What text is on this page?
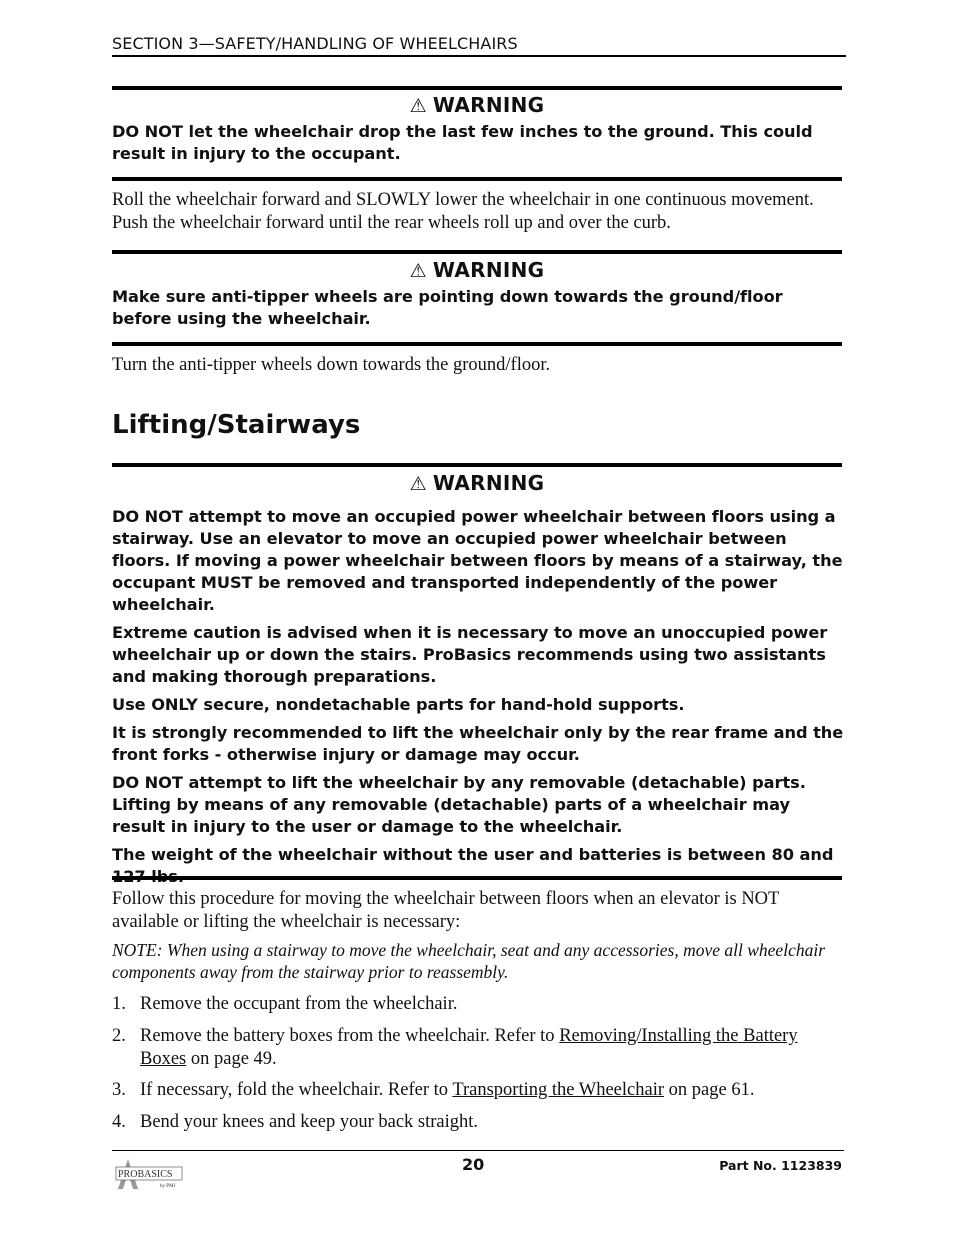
SECTION 3—SAFETY/HANDLING OF WHEELCHAIRS
⚠ WARNING

DO NOT let the wheelchair drop the last few inches to the ground. This could result in injury to the occupant.

Roll the wheelchair forward and SLOWLY lower the wheelchair in one continuous movement. Push the wheelchair forward until the rear wheels roll up and over the curb.
⚠ WARNING

Make sure anti-tipper wheels are pointing down towards the ground/floor before using the wheelchair.

Turn the anti-tipper wheels down towards the ground/floor.
Lifting/Stairways
⚠ WARNING

DO NOT attempt to move an occupied power wheelchair between floors using a stairway. Use an elevator to move an occupied power wheelchair between floors. If moving a power wheelchair between floors by means of a stairway, the occupant MUST be removed and transported independently of the power wheelchair.

Extreme caution is advised when it is necessary to move an unoccupied power wheelchair up or down the stairs. ProBasics recommends using two assistants and making thorough preparations.

Use ONLY secure, nondetachable parts for hand-hold supports.

It is strongly recommended to lift the wheelchair only by the rear frame and the front forks - otherwise injury or damage may occur.

DO NOT attempt to lift the wheelchair by any removable (detachable) parts. Lifting by means of any removable (detachable) parts of a wheelchair may result in injury to the user or damage to the wheelchair.

The weight of the wheelchair without the user and batteries is between 80 and

Follow this procedure for moving the wheelchair between floors when an elevator is NOT available or lifting the wheelchair is necessary:
NOTE: When using a stairway to move the wheelchair, seat and any accessories, move all wheelchair components away from the stairway prior to reassembly.
1. Remove the occupant from the wheelchair.
2. Remove the battery boxes from the wheelchair. Refer to Removing/Installing the Battery Boxes on page 49.
3. If necessary, fold the wheelchair. Refer to Transporting the Wheelchair on page 61.
4. Bend your knees and keep your back straight.
PROBASICS
by PMI
20	Part No. 1123839
